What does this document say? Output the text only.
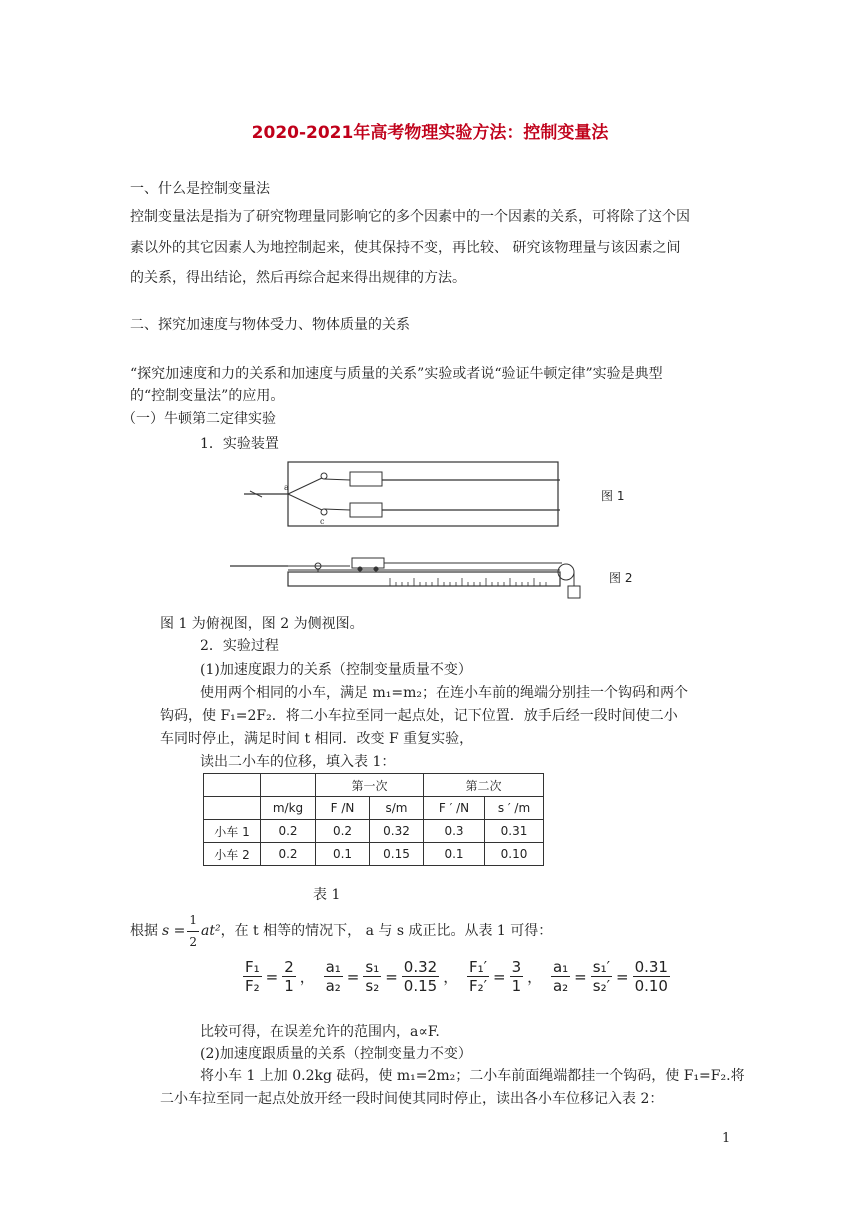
2020-2021年高考物理实验方法：控制变量法
一、什么是控制变量法
控制变量法是指为了研究物理量同影响它的多个因素中的一个因素的关系，可将除了这个因
素以外的其它因素人为地控制起来，使其保持不变，再比较、 研究该物理量与该因素之间
的关系，得出结论，然后再综合起来得出规律的方法。
二、探究加速度与物体受力、物体质量的关系
“探究加速度和力的关系和加速度与质量的关系”实验或者说“验证牛顿定律”实验是典型
的“控制变量法”的应用。
（一）牛顿第二定律实验
1．实验装置
a
c
图 1
图 2
图 1 为俯视图，图 2 为侧视图。
2．实验过程
(1)加速度跟力的关系（控制变量质量不变）
使用两个相同的小车，满足 m₁=m₂；在连小车前的绳端分别挂一个钩码和两个
钩码，使 F₁=2F₂．将二小车拉至同一起点处，记下位置．放手后经一段时间使二小
车同时停止，满足时间 t 相同．改变 F 重复实验，
读出二小车的位移，填入表 1：
		第一次		第二次	
	m/kg	F /N	s/m	F ′ /N	s ′ /m
小车 1	0.2	0.2	0.32	0.3	0.31
小车 2	0.2	0.1	0.15	0.1	0.10
表 1
根据 $s = \frac{1}{2} at^2$ ，在 t 相等的情况下， a 与 s 成正比。从表 1 可得：
$\frac{\text{F₁}}{\text{F₂}} = \frac{2}{1}$ ， $\frac{\text{a₁}}{\text{a₂}} = \frac{\text{s₁}}{\text{s₂}} = \frac{0.32}{0.15}$ ， $\frac{\text{F₁′}}{\text{F₂′}} = \frac{3}{1}$ ， $\frac{\text{a₁}}{\text{a₂}} = \frac{\text{s₁′}}{\text{s₂′}} = \frac{0.31}{0.10}$
比较可得，在误差允许的范围内，a∝F.
(2)加速度跟质量的关系（控制变量力不变）
将小车 1 上加 0.2kg 砝码，使 m₁=2m₂；二小车前面绳端都挂一个钩码，使 F₁=F₂.将
二小车拉至同一起点处放开经一段时间使其同时停止，读出各小车位移记入表 2：
1
